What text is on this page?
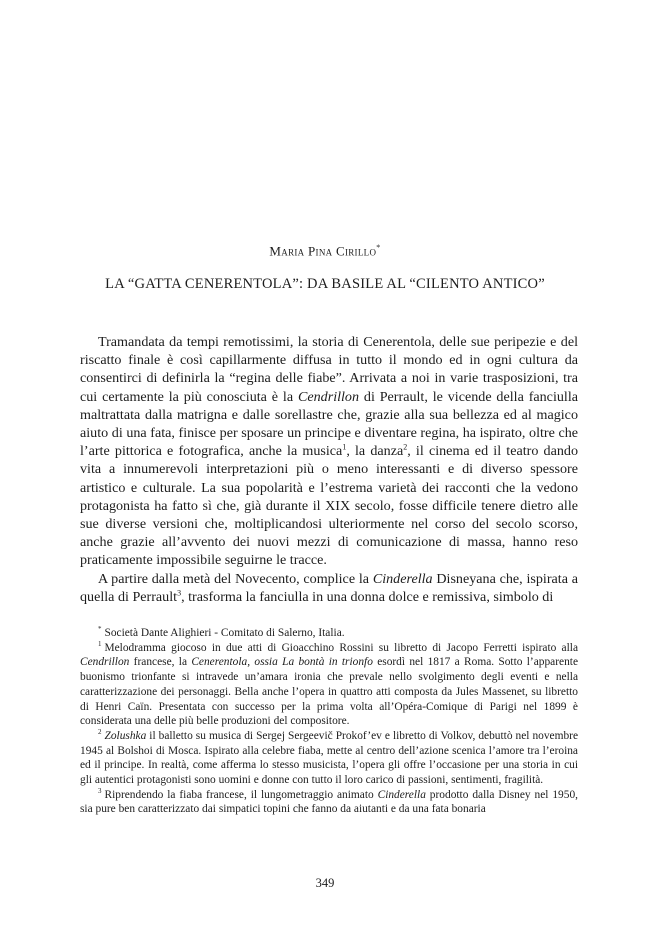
Maria Pina Cirillo*
LA “GATTA CENERENTOLA”: DA BASILE AL “CILENTO ANTICO”

Tramandata da tempi remotissimi, la storia di Cenerentola, delle sue peripezie e del riscatto finale è così capillarmente diffusa in tutto il mondo ed in ogni cultura da consentirci di definirla la “regina delle fiabe”. Arrivata a noi in varie trasposizioni, tra cui certamente la più conosciuta è la Cendrillon di Perrault, le vicende della fanciulla maltrattata dalla matrigna e dalle sorellastre che, grazie alla sua bellezza ed al magico aiuto di una fata, finisce per sposare un principe e diventare regina, ha ispirato, oltre che l’arte pittorica e fotografica, anche la musica$^1$, la danza$^2$, il cinema ed il teatro dando vita a innumerevoli interpretazioni più o meno interessanti e di diverso spessore artistico e culturale. La sua popolarità e l’estrema varietà dei racconti che la vedono protagonista ha fatto sì che, già durante il XIX secolo, fosse difficile tenere dietro alle sue diverse versioni che, moltiplicandosi ulteriormente nel corso del secolo scorso, anche grazie all’avvento dei nuovi mezzi di comunicazione di massa, hanno reso praticamente impossibile seguirne le tracce.

A partire dalla metà del Novecento, complice la Cinderella Disneyana che, ispirata a quella di Perrault$^3$, trasforma la fanciulla in una donna dolce e remissiva, simbolo di

* Società Dante Alighieri - Comitato di Salerno, Italia.

$^1$ Melodramma giocoso in due atti di Gioacchino Rossini su libretto di Jacopo Ferretti ispirato alla Cendrillon francese, la Cenerentola, ossia La bontà in trionfo esordì nel 1817 a Roma. Sotto l’apparente buonismo trionfante si intravede un’amara ironia che prevale nello svolgimento degli eventi e nella caratterizzazione dei personaggi. Bella anche l’opera in quattro atti composta da Jules Massenet, su libretto di Henri Caïn. Presentata con successo per la prima volta all’Opéra-Comique di Parigi nel 1899 è considerata una delle più belle produzioni del compositore.

$^2$ Zolushka il balletto su musica di Sergej Sergeevič Prokof’ev e libretto di Volkov, debuttò nel novembre 1945 al Bolshoi di Mosca. Ispirato alla celebre fiaba, mette al centro dell’azione scenica l’amore tra l’eroina ed il principe. In realtà, come afferma lo stesso musicista, l’opera gli offre l’occasione per una storia in cui gli autentici protagonisti sono uomini e donne con tutto il loro carico di passioni, sentimenti, fragilità.

$^3$ Riprendendo la fiaba francese, il lungometraggio animato Cinderella prodotto dalla Disney nel 1950, sia pure ben caratterizzato dai simpatici topini che fanno da aiutanti e da una fata bonaria

349
